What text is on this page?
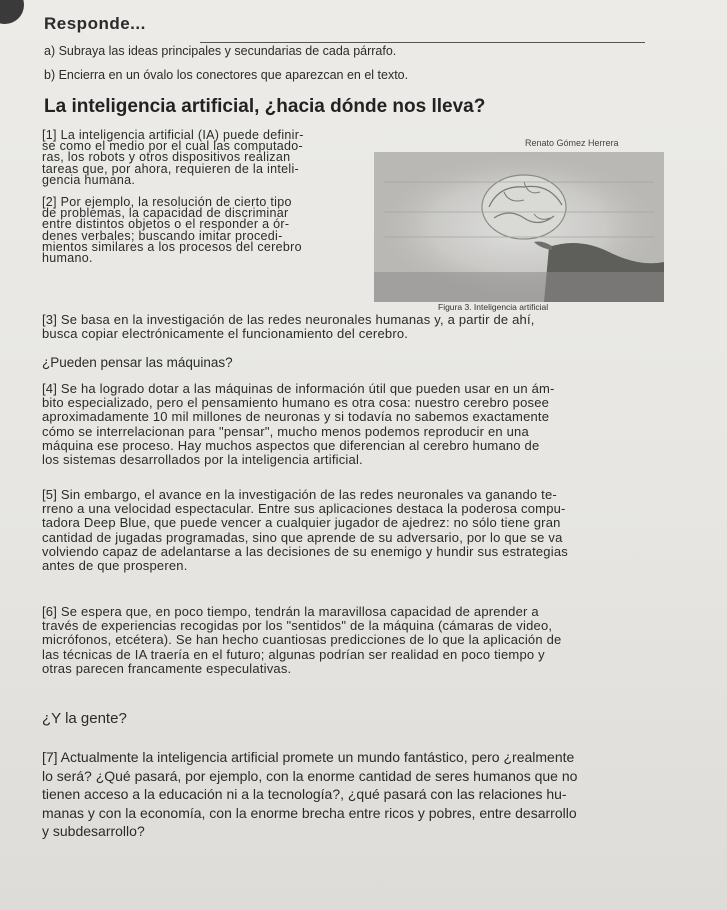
Responde...
a) Subraya las ideas principales y secundarias de cada párrafo.
b) Encierra en un óvalo los conectores que aparezcan en el texto.
La inteligencia artificial, ¿hacia dónde nos lleva?
Renato Gómez Herrera
[1] La inteligencia artificial (IA) puede definir-
se como el medio por el cual las computado-
ras, los robots y otros dispositivos realizan
tareas que, por ahora, requieren de la inteli-
gencia humana.
[2] Por ejemplo, la resolución de cierto tipo
de problemas, la capacidad de discriminar
entre distintos objetos o el responder a ór-
denes verbales; buscando imitar procedi-
mientos similares a los procesos del cerebro
humano.
Figura 3. Inteligencia artificial
[3] Se basa en la investigación de las redes neuronales humanas y, a partir de ahí,
busca copiar electrónicamente el funcionamiento del cerebro.
¿Pueden pensar las máquinas?
[4] Se ha logrado dotar a las máquinas de información útil que pueden usar en un ám-
bito especializado, pero el pensamiento humano es otra cosa: nuestro cerebro posee
aproximadamente 10 mil millones de neuronas y si todavía no sabemos exactamente
cómo se interrelacionan para "pensar", mucho menos podemos reproducir en una
máquina ese proceso. Hay muchos aspectos que diferencian al cerebro humano de
los sistemas desarrollados por la inteligencia artificial.
[5] Sin embargo, el avance en la investigación de las redes neuronales va ganando te-
rreno a una velocidad espectacular. Entre sus aplicaciones destaca la poderosa compu-
tadora Deep Blue, que puede vencer a cualquier jugador de ajedrez: no sólo tiene gran
cantidad de jugadas programadas, sino que aprende de su adversario, por lo que se va
volviendo capaz de adelantarse a las decisiones de su enemigo y hundir sus estrategias
antes de que prosperen.
[6] Se espera que, en poco tiempo, tendrán la maravillosa capacidad de aprender a
través de experiencias recogidas por los "sentidos" de la máquina (cámaras de video,
micrófonos, etcétera). Se han hecho cuantiosas predicciones de lo que la aplicación de
las técnicas de IA traería en el futuro; algunas podrían ser realidad en poco tiempo y
otras parecen francamente especulativas.
¿Y la gente?
[7] Actualmente la inteligencia artificial promete un mundo fantástico, pero ¿realmente
lo será? ¿Qué pasará, por ejemplo, con la enorme cantidad de seres humanos que no
tienen acceso a la educación ni a la tecnología?, ¿qué pasará con las relaciones hu-
manas y con la economía, con la enorme brecha entre ricos y pobres, entre desarrollo
y subdesarrollo?
